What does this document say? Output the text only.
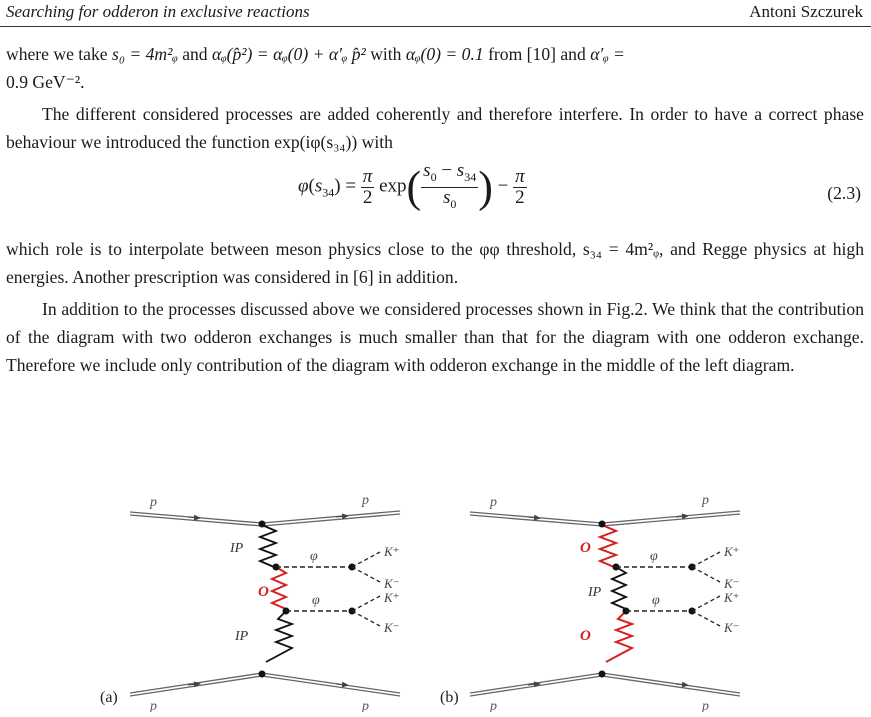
Searching for odderon in exclusive reactions	Antoni Szczurek
where we take s₀ = 4m²ᵩ and αᵩ(p̂²) = αᵩ(0) + α′ᵩ p̂² with αᵩ(0) = 0.1 from [10] and α′ᵩ =
0.9 GeV⁻².
The different considered processes are added coherently and therefore interfere. In order to have a correct phase behaviour we introduced the function exp(iφ(s₃₄)) with
$\varphi(s_{34}) = \frac{\pi}{2} \exp( \frac{s_0 - s_{34}}{s_0}$ ) − $\frac{\pi}{2}$	(2.3)
which role is to interpolate between meson physics close to the φφ threshold, s₃₄ = 4m²ᵩ, and Regge physics at high energies. Another prescription was considered in [6] in addition.
In addition to the processes discussed above we considered processes shown in Fig.2. We think that the contribution of the diagram with two odderon exchanges is much smaller than that for the diagram with one odderon exchange. Therefore we include only contribution of the diagram with odderon exchange in the middle of the left diagram.
p	p
p	p
IP
O
IP
φ
φ
K⁺
K⁻
K⁺
K⁻
(a)
p	p
p	p
O
IP
O
φ
φ
K⁺
K⁻
K⁺
K⁻
(b)
